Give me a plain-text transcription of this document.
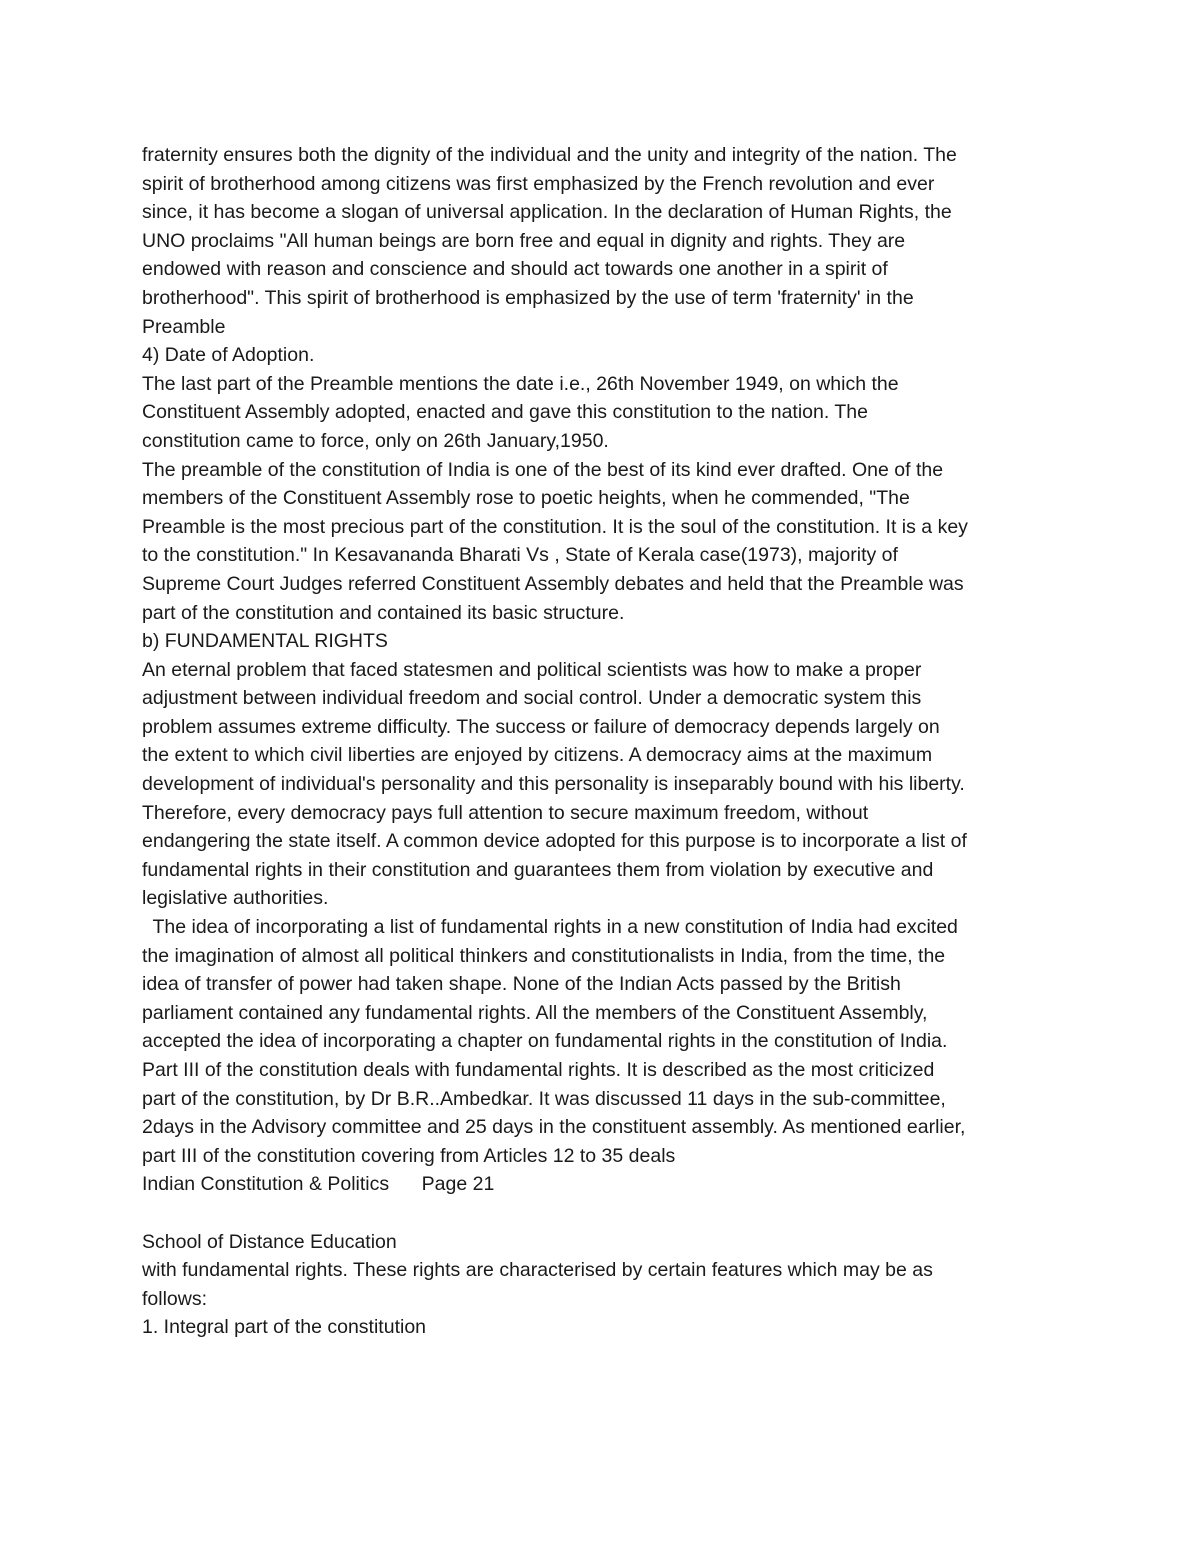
fraternity ensures both the dignity of the individual and the unity and integrity of the nation. The
spirit of brotherhood among citizens was first emphasized by the French revolution and ever
since, it has become a slogan of universal application. In the declaration of Human Rights, the
UNO proclaims "All human beings are born free and equal in dignity and rights. They are
endowed with reason and conscience and should act towards one another in a spirit of
brotherhood". This spirit of brotherhood is emphasized by the use of term 'fraternity' in the
Preamble
4) Date of Adoption.
The last part of the Preamble mentions the date i.e., 26th November 1949, on which the
Constituent Assembly adopted, enacted and gave this constitution to the nation. The
constitution came to force, only on 26th January,1950.
The preamble of the constitution of India is one of the best of its kind ever drafted. One of the
members of the Constituent Assembly rose to poetic heights, when he commended, "The
Preamble is the most precious part of the constitution. It is the soul of the constitution. It is a key
to the constitution." In Kesavananda Bharati Vs , State of Kerala case(1973), majority of
Supreme Court Judges referred Constituent Assembly debates and held that the Preamble was
part of the constitution and contained its basic structure.
b) FUNDAMENTAL RIGHTS
An eternal problem that faced statesmen and political scientists was how to make a proper
adjustment between individual freedom and social control. Under a democratic system this
problem assumes extreme difficulty. The success or failure of democracy depends largely on
the extent to which civil liberties are enjoyed by citizens. A democracy aims at the maximum
development of individual's personality and this personality is inseparably bound with his liberty.
Therefore, every democracy pays full attention to secure maximum freedom, without
endangering the state itself. A common device adopted for this purpose is to incorporate a list of
fundamental rights in their constitution and guarantees them from violation by executive and
legislative authorities.
The idea of incorporating a list of fundamental rights in a new constitution of India had excited
the imagination of almost all political thinkers and constitutionalists in India, from the time, the
idea of transfer of power had taken shape. None of the Indian Acts passed by the British
parliament contained any fundamental rights. All the members of the Constituent Assembly,
accepted the idea of incorporating a chapter on fundamental rights in the constitution of India.
Part III of the constitution deals with fundamental rights. It is described as the most criticized
part of the constitution, by Dr B.R..Ambedkar. It was discussed 11 days in the sub-committee,
2days in the Advisory committee and 25 days in the constituent assembly. As mentioned earlier,
part III of the constitution covering from Articles 12 to 35 deals
Indian Constitution & Politics      Page 21
School of Distance Education
with fundamental rights. These rights are characterised by certain features which may be as
follows:
1. Integral part of the constitution
